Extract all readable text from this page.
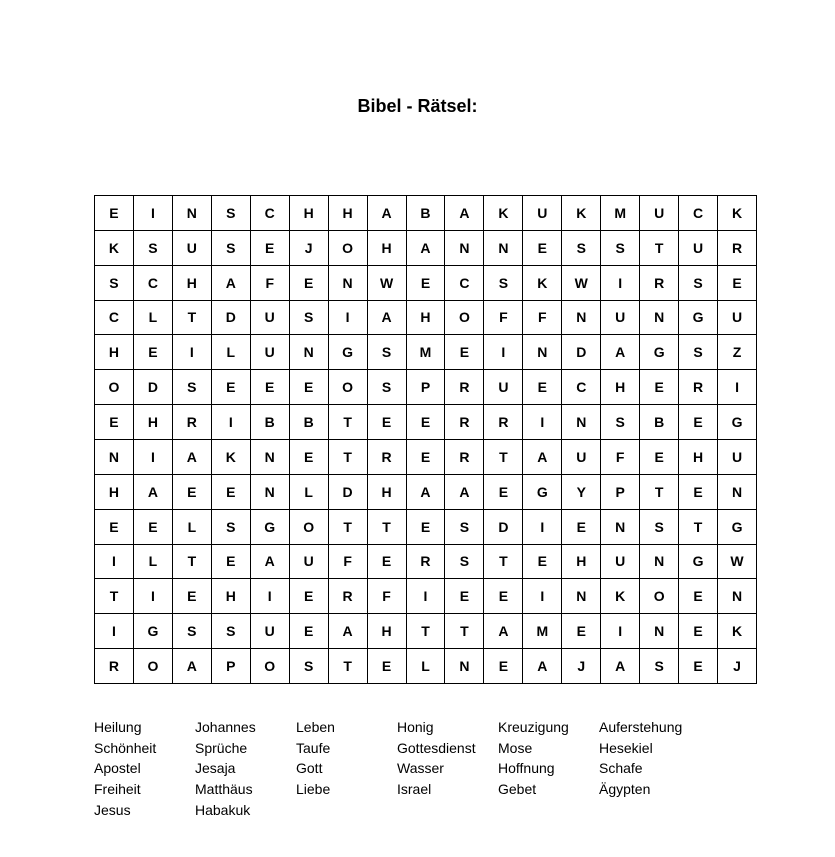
Bibel - Rätsel:
E	I	N	S	C	H	H	A	B	A	K	U	K	M	U	C	K
K	S	U	S	E	J	O	H	A	N	N	E	S	S	T	U	R
S	C	H	A	F	E	N	W	E	C	S	K	W	I	R	S	E
C	L	T	D	U	S	I	A	H	O	F	F	N	U	N	G	U
H	E	I	L	U	N	G	S	M	E	I	N	D	A	G	S	Z
O	D	S	E	E	E	O	S	P	R	U	E	C	H	E	R	I
E	H	R	I	B	B	T	E	E	R	R	I	N	S	B	E	G
N	I	A	K	N	E	T	R	E	R	T	A	U	F	E	H	U
H	A	E	E	N	L	D	H	A	A	E	G	Y	P	T	E	N
E	E	L	S	G	O	T	T	E	S	D	I	E	N	S	T	G
I	L	T	E	A	U	F	E	R	S	T	E	H	U	N	G	W
T	I	E	H	I	E	R	F	I	E	E	I	N	K	O	E	N
I	G	S	S	U	E	A	H	T	T	A	M	E	I	N	E	K
R	O	A	P	O	S	T	E	L	N	E	A	J	A	S	E	J
Heilung
Schönheit
Apostel
Freiheit
Jesus
Johannes
Sprüche
Jesaja
Matthäus
Habakuk
Leben
Taufe
Gott
Liebe
Honig
Gottesdienst
Wasser
Israel
Kreuzigung
Mose
Hoffnung
Gebet
Auferstehung
Hesekiel
Schafe
Ägypten
